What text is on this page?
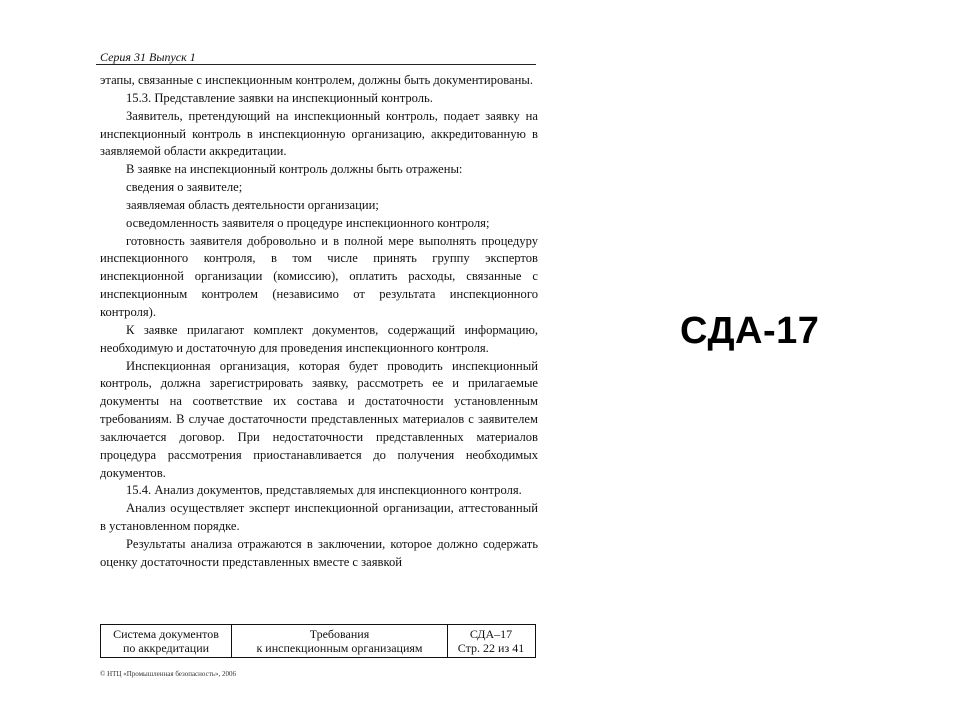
Серия 31 Выпуск 1

этапы, связанные с инспекционным контролем, должны быть документированы.

15.3. Представление заявки на инспекционный контроль.

Заявитель, претендующий на инспекционный контроль, подает заявку на инспекционный контроль в инспекционную организацию, аккредитованную в заявляемой области аккредитации.

В заявке на инспекционный контроль должны быть отражены:

сведения о заявителе;

заявляемая область деятельности организации;

осведомленность заявителя о процедуре инспекционного контроля;

готовность заявителя добровольно и в полной мере выполнять процедуру инспекционного контроля, в том числе принять группу экспертов инспекционной организации (комиссию), оплатить расходы, связанные с инспекционным контролем (независимо от результата инспекционного контроля).

К заявке прилагают комплект документов, содержащий информацию, необходимую и достаточную для проведения инспекционного контроля.

Инспекционная организация, которая будет проводить инспекционный контроль, должна зарегистрировать заявку, рассмотреть ее и прилагаемые документы на соответствие их состава и достаточности установленным требованиям. В случае достаточности представленных материалов с заявителем заключается договор. При недостаточности представленных материалов процедура рассмотрения приостанавливается до получения необходимых документов.

15.4. Анализ документов, представляемых для инспекционного контроля.

Анализ осуществляет эксперт инспекционной организации, аттестованный в установленном порядке.

Результаты анализа отражаются в заключении, которое должно содержать оценку достаточности представленных вместе с заявкой

Система документов
по аккредитации
Требования
к инспекционным организациям
СДА–17
Стр. 22 из 41
© НТЦ «Промышленная безопасность», 2006
СДА-17
